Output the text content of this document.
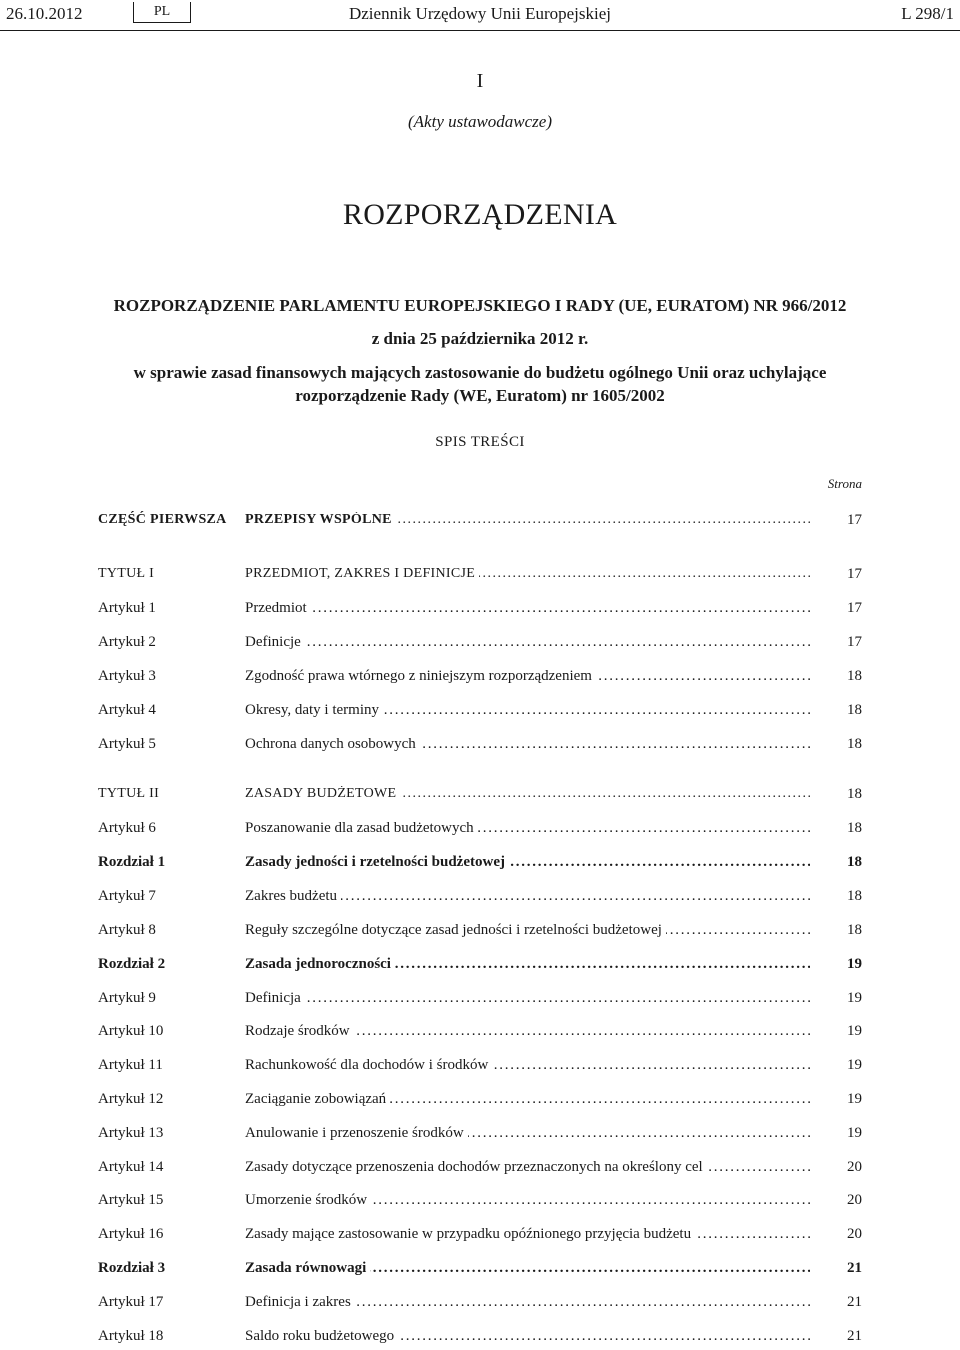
Dziennik Urzędowy Unii Europejskiej
26.10.2012	PL	L 298/1
I
(Akty ustawodawcze)
ROZPORZĄDZENIA
ROZPORZĄDZENIE PARLAMENTU EUROPEJSKIEGO I RADY (UE, EURATOM) NR 966/2012
z dnia 25 października 2012 r.
w sprawie zasad finansowych mających zastosowanie do budżetu ogólnego Unii oraz uchylające
rozporządzenie Rady (WE, Euratom) nr 1605/2002
SPIS TREŚCI
Strona
CZĘŚĆ PIERWSZA PRZEPISY WSPÓLNE . . .	17
TYTUŁ I	PRZEDMIOT, ZAKRES I DEFINICJE . . .	17
Artykuł 1	Przedmiot . . .	17
Artykuł 2	Definicje . . .	17
Artykuł 3	Zgodność prawa wtórnego z niniejszym rozporządzeniem . . .	18
Artykuł 4	Okresy, daty i terminy . . .	18
Artykuł 5	Ochrona danych osobowych . . .	18
TYTUŁ II	ZASADY BUDŻETOWE . . .	18
Artykuł 6	Poszanowanie dla zasad budżetowych . . .	18
Rozdział 1	Zasady jedności i rzetelności budżetowej . . .	18
Artykuł 7	Zakres budżetu . . .	18
Artykuł 8	Reguły szczególne dotyczące zasad jedności i rzetelności budżetowej . . .	18
Rozdział 2	Zasada jednoroczności . . .	19
Artykuł 9	Definicja . . .	19
Artykuł 10	Rodzaje środków . . .	19
Artykuł 11	Rachunkowość dla dochodów i środków . . .	19
Artykuł 12	Zaciąganie zobowiązań . . .	19
Artykuł 13	Anulowanie i przenoszenie środków . . .	19
Artykuł 14	Zasady dotyczące przenoszenia dochodów przeznaczonych na określony cel . . .	20
Artykuł 15	Umorzenie środków . . .	20
Artykuł 16	Zasady mające zastosowanie w przypadku opóźnionego przyjęcia budżetu . . .	20
Rozdział 3	Zasada równowagi . . .	21
Artykuł 17	Definicja i zakres . . .	21
Artykuł 18	Saldo roku budżetowego . . .	21
